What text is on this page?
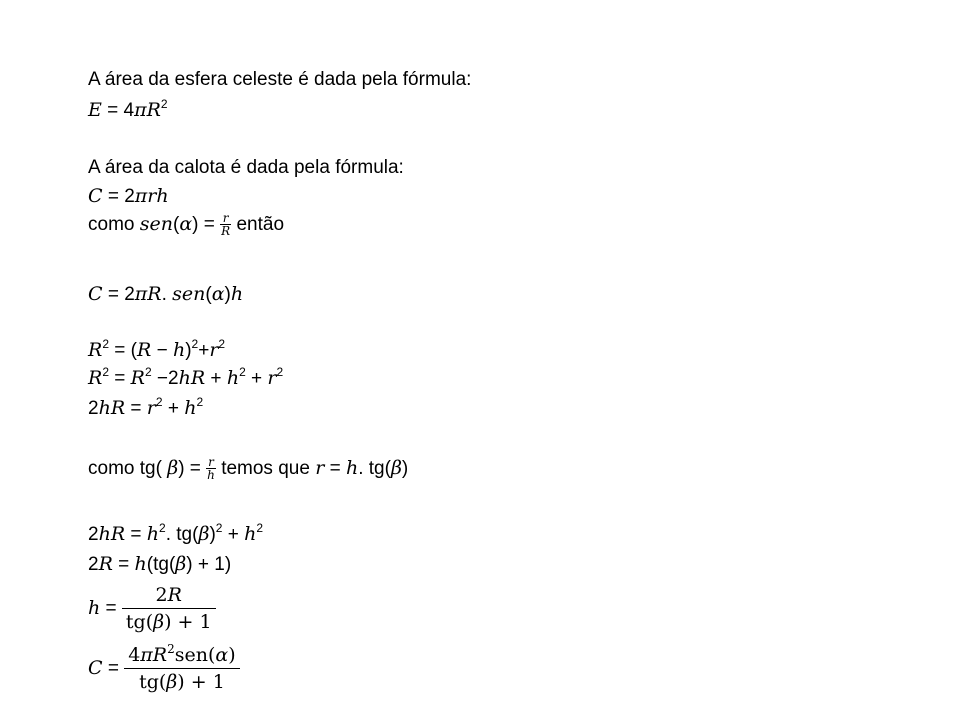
A área da esfera celeste é dada pela fórmula:
$E = 4\pi R^2$
A área da calota é dada pela fórmula:
C = 2πrh
como $sen(\alpha) = \frac{r}{R}$ então
C = 2πR. sen(α)h
$R^2 = (R - h)^2+r^2$
$R^2 = R^2 -2hR + h^2 + r^2$
$2hR = r^2 + h^2$
como tg( $\beta) = \frac{r}{h}$ temos que r = h. tg(β)
$2hR = h^2$. $tg(\beta)^2 + h^2$
2R = h(tg(β) + 1)
$h = \frac{2R}{tg(\beta) + 1}$
$C = \frac{4\pi R^2sen(\alpha)}{tg(\beta) + 1}$
